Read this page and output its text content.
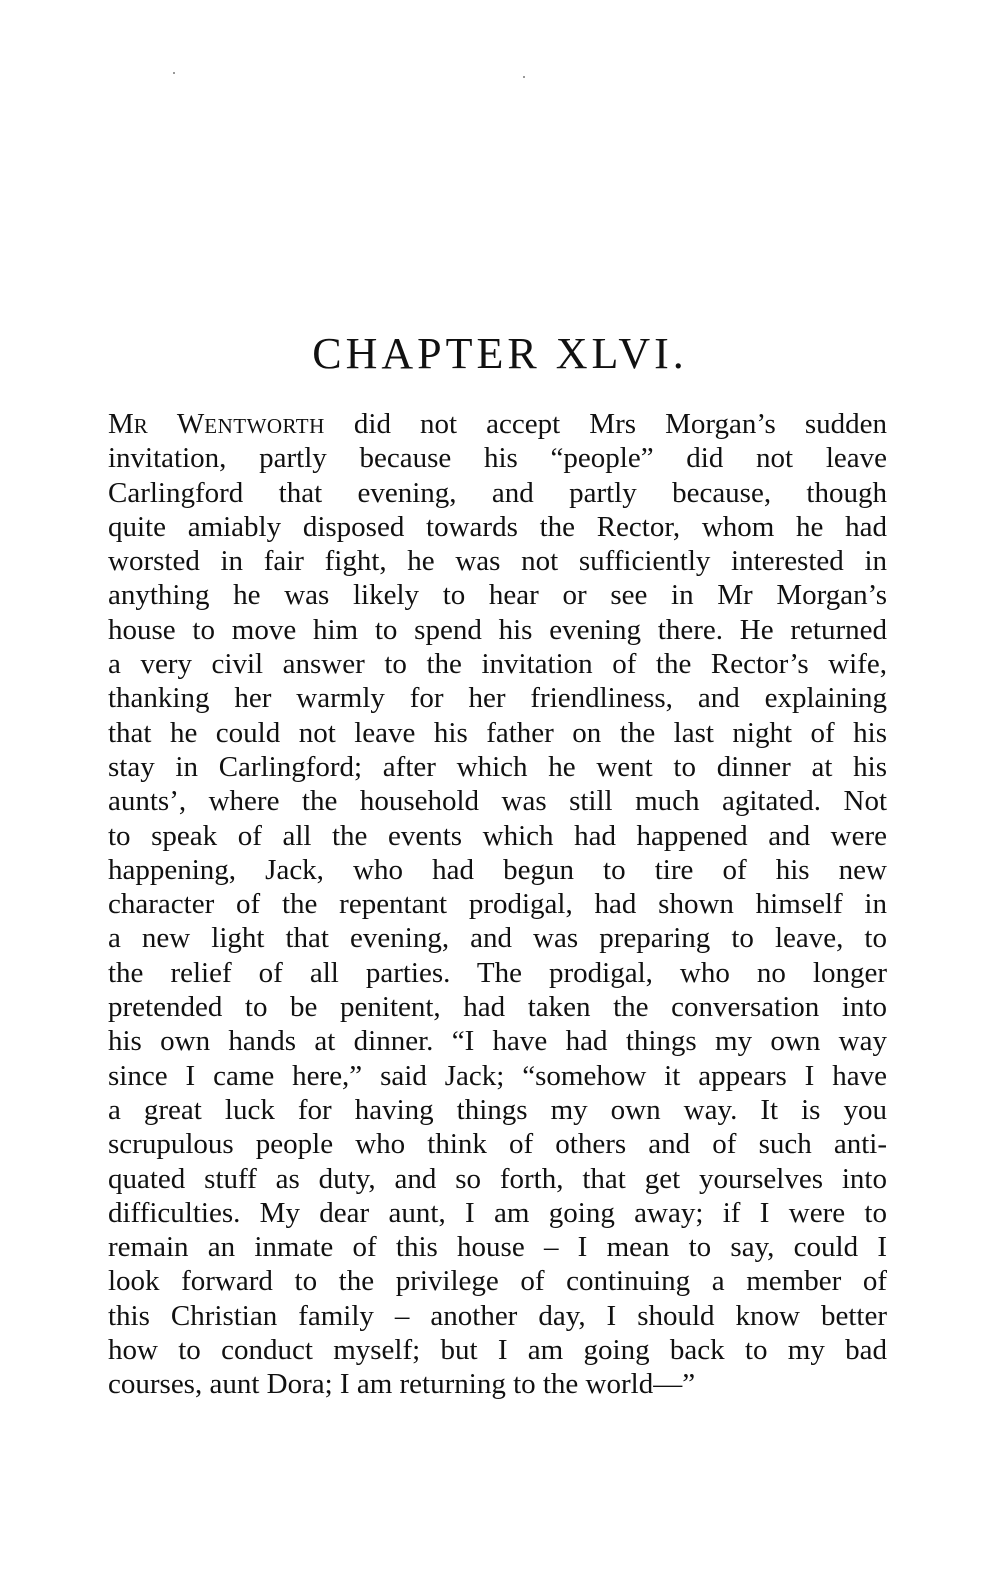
CHAPTER XLVI.
MR WENTWORTH did not accept Mrs Morgan’s sudden
invitation, partly because his “people” did not leave
Carlingford that evening, and partly because, though
quite amiably disposed towards the Rector, whom he had
worsted in fair fight, he was not sufficiently interested in
anything he was likely to hear or see in Mr Morgan’s
house to move him to spend his evening there. He returned
a very civil answer to the invitation of the Rector’s wife,
thanking her warmly for her friendliness, and explaining
that he could not leave his father on the last night of his
stay in Carlingford; after which he went to dinner at his
aunts’, where the household was still much agitated. Not
to speak of all the events which had happened and were
happening, Jack, who had begun to tire of his new
character of the repentant prodigal, had shown himself in
a new light that evening, and was preparing to leave, to
the relief of all parties. The prodigal, who no longer
pretended to be penitent, had taken the conversation into
his own hands at dinner. “I have had things my own way
since I came here,” said Jack; “somehow it appears I have
a great luck for having things my own way. It is you
scrupulous people who think of others and of such anti-
quated stuff as duty, and so forth, that get yourselves into
difficulties. My dear aunt, I am going away; if I were to
remain an inmate of this house – I mean to say, could I
look forward to the privilege of continuing a member of
this Christian family – another day, I should know better
how to conduct myself; but I am going back to my bad
courses, aunt Dora; I am returning to the world—”
